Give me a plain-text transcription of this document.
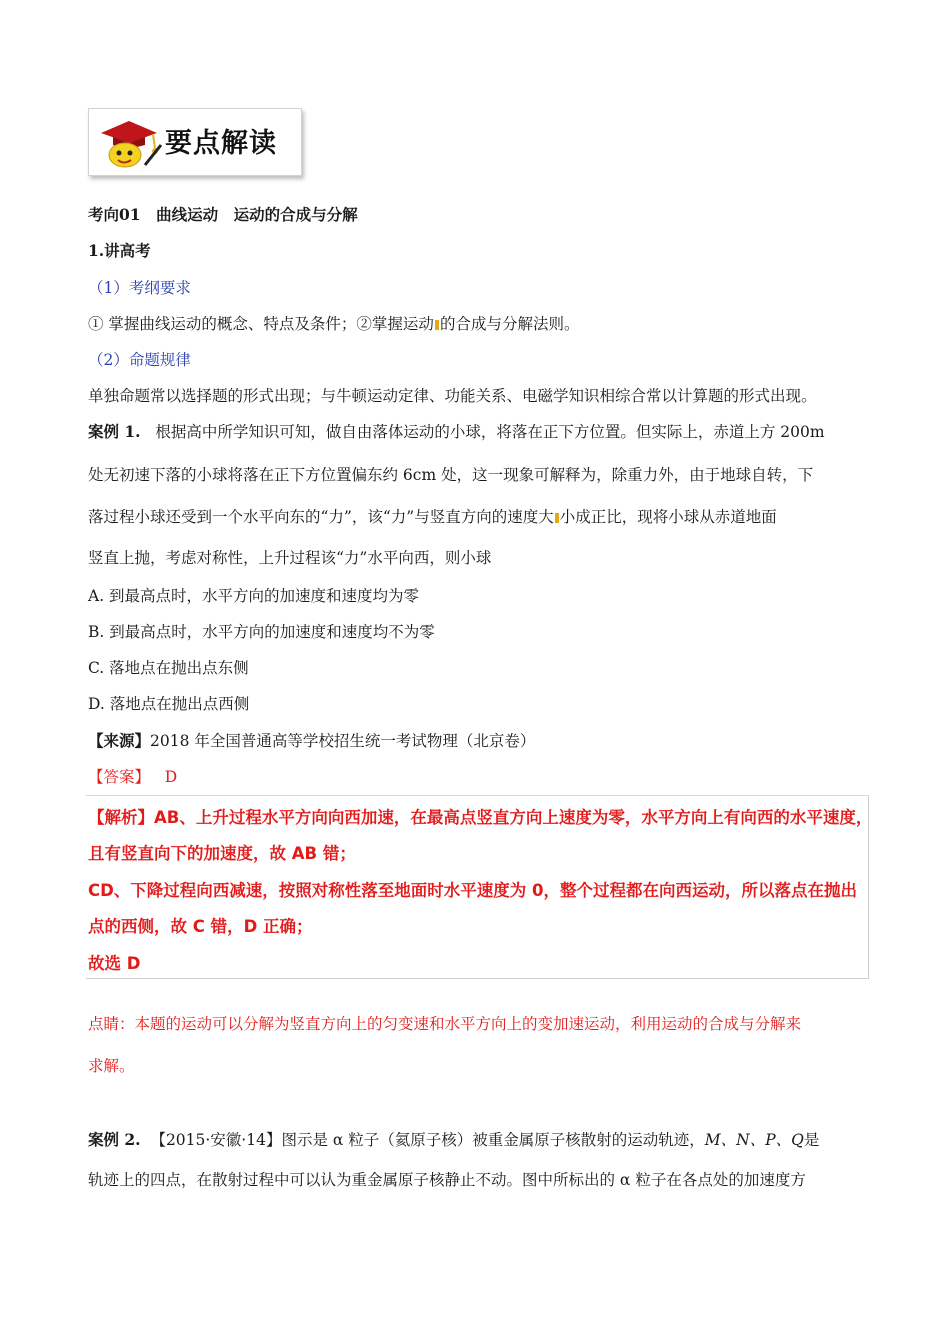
要点解读
考向01　曲线运动　运动的合成与分解
1.讲高考
（1）考纲要求
① 掌握曲线运动的概念、特点及条件；②掌握运动 的合成与分解法则。
（2）命题规律
单独命题常以选择题的形式出现；与牛顿运动定律、功能关系、电磁学知识相综合常以计算题的形式出现。
案例 1. 根据高中所学知识可知，做自由落体运动的小球，将落在正下方位置。但实际上，赤道上方 200m
处无初速下落的小球将落在正下方位置偏东约 6cm 处，这一现象可解释为，除重力外，由于地球自转，下
落过程小球还受到一个水平向东的“力”，该“力”与竖直方向的速度大 小成正比，现将小球从赤道地面
竖直上抛，考虑对称性，上升过程该“力”水平向西，则小球
A. 到最高点时，水平方向的加速度和速度均为零
B. 到最高点时，水平方向的加速度和速度均不为零
C. 落地点在抛出点东侧
D. 落地点在抛出点西侧
【来源】2018 年全国普通高等学校招生统一考试物理（北京卷）
【答案】 D
【解析】AB、上升过程水平方向向西加速，在最高点竖直方向上速度为零，水平方向上有向西的水平速度，
且有竖直向下的加速度，故 AB 错；
CD、下降过程向西减速，按照对称性落至地面时水平速度为 0，整个过程都在向西运动，所以落点在抛出
点的西侧，故 C 错，D 正确；
故选 D
点睛：本题的运动可以分解为竖直方向上的匀变速和水平方向上的变加速运动，利用运动的合成与分解来
求解。
案例 2. 【2015·安徽·14】图示是 α 粒子（氦原子核）被重金属原子核散射的运动轨迹，M、N、P、Q是
轨迹上的四点，在散射过程中可以认为重金属原子核静止不动。图中所标出的 α 粒子在各点处的加速度方
